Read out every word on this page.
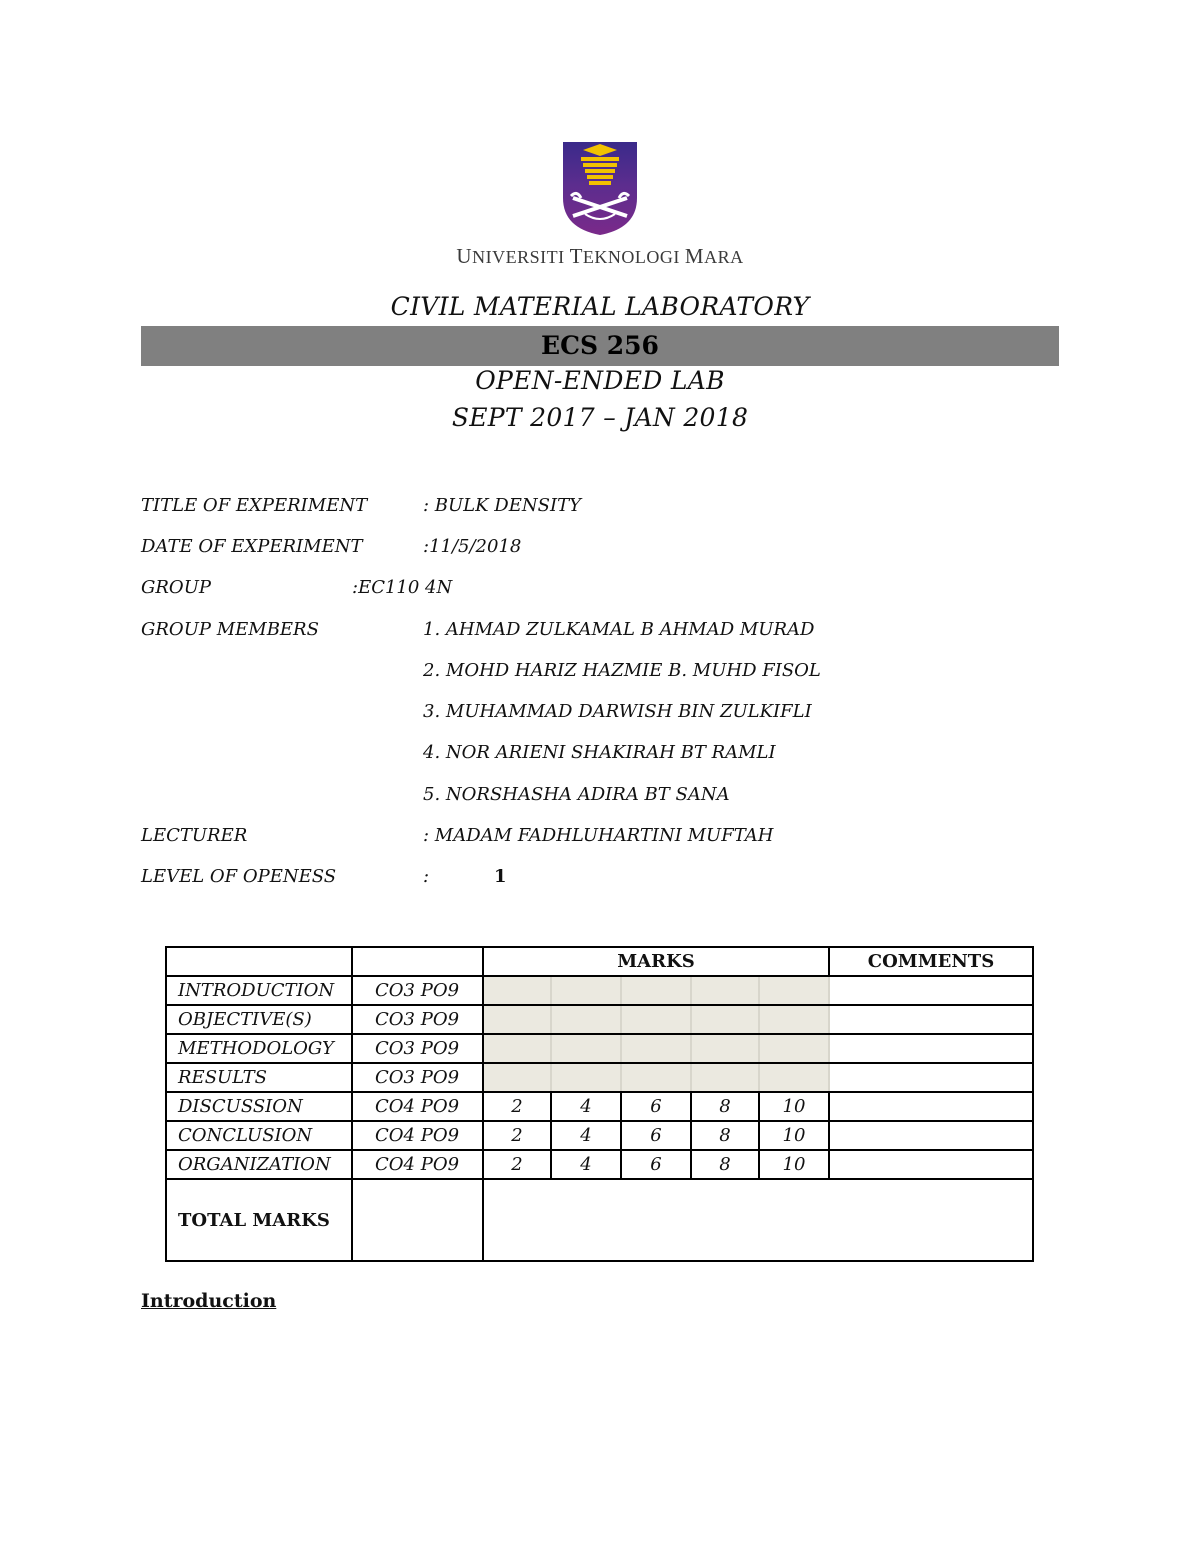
UNIVERSITI TEKNOLOGI MARA
CIVIL MATERIAL LABORATORY
ECS 256
OPEN-ENDED LAB
SEPT 2017 – JAN 2018
TITLE OF EXPERIMENT	: BULK DENSITY
DATE OF EXPERIMENT	:11/5/2018
GROUP	:EC110 4N
GROUP MEMBERS	1. AHMAD ZULKAMAL B AHMAD MURAD
2. MOHD HARIZ HAZMIE B. MUHD FISOL
3. MUHAMMAD DARWISH BIN ZULKIFLI
4. NOR ARIENI SHAKIRAH BT RAMLI
5. NORSHASHA ADIRA BT SANA
LECTURER	: MADAM FADHLUHARTINI MUFTAH
LEVEL OF OPENESS	:	1
		MARKS					COMMENTS
INTRODUCTION	CO3 PO9						
OBJECTIVE(S)	CO3 PO9						
METHODOLOGY	CO3 PO9						
RESULTS	CO3 PO9						
DISCUSSION	CO4 PO9	2	4	6	8	10	
CONCLUSION	CO4 PO9	2	4	6	8	10	
ORGANIZATION	CO4 PO9	2	4	6	8	10	
TOTAL MARKS							
Introduction
